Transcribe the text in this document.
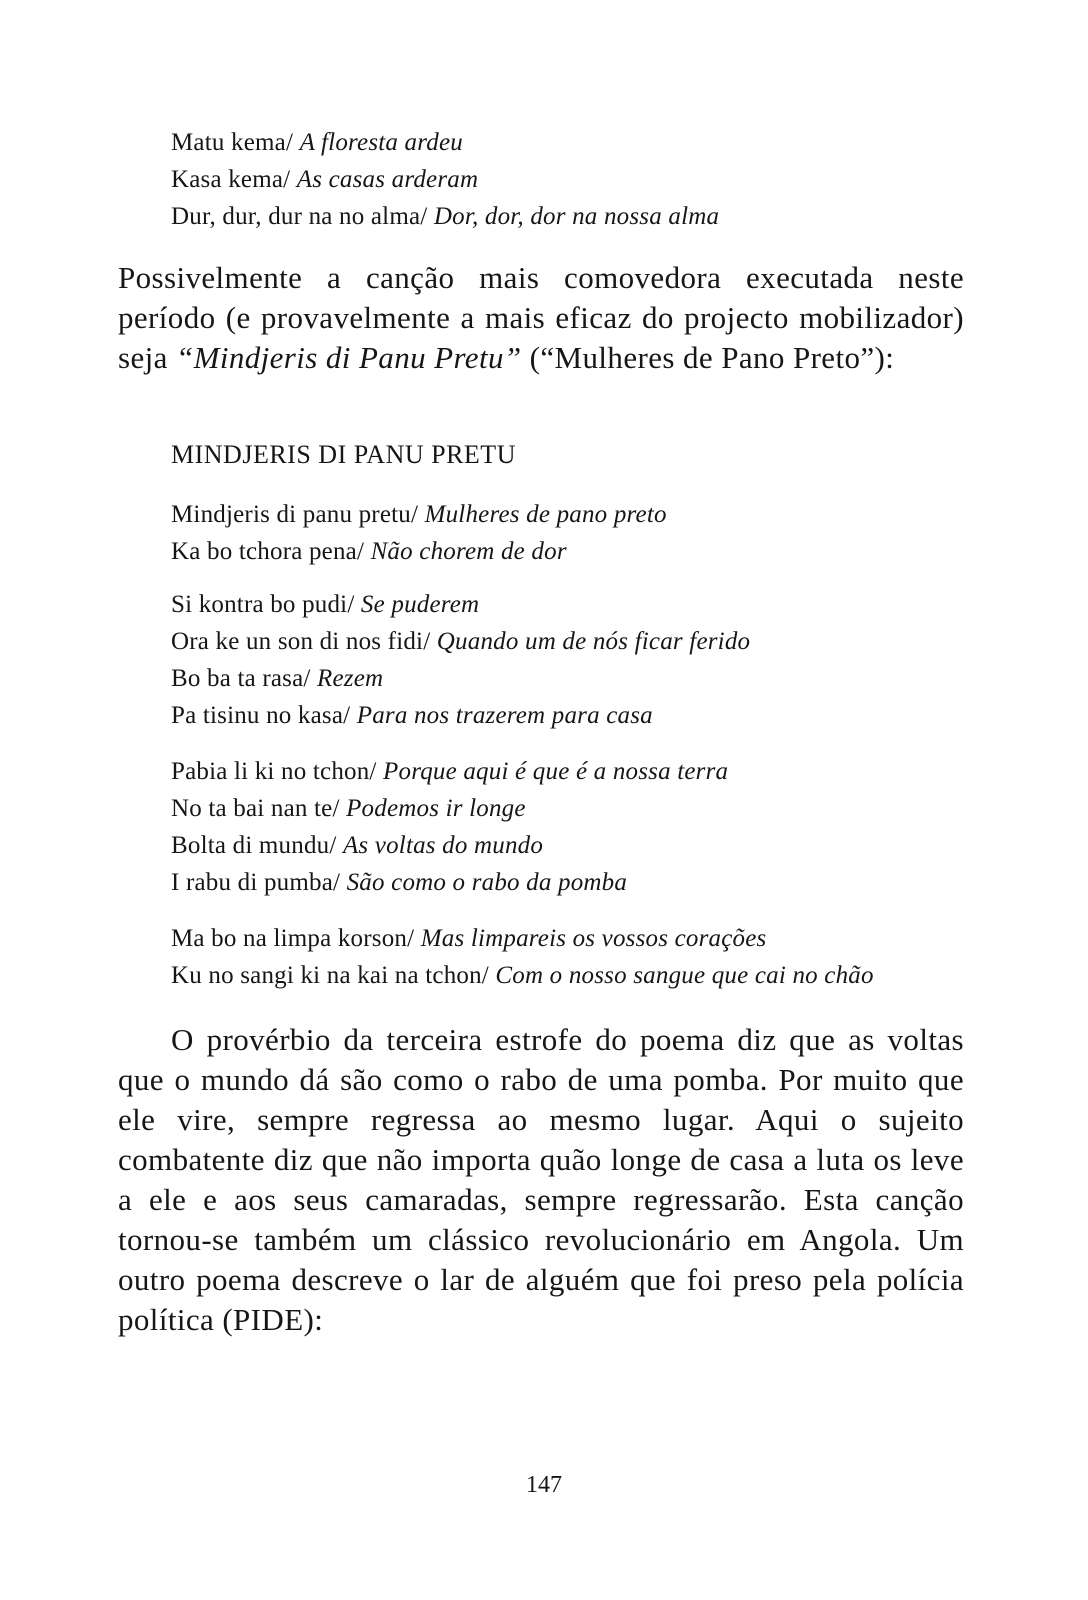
Matu kema/ A floresta ardeu
Kasa kema/ As casas arderam
Dur, dur, dur na no alma/ Dor, dor, dor na nossa alma

Possivelmente a canção mais comovedora executada neste período (e provavelmente a mais eficaz do projecto mobilizador) seja “Mindjeris di Panu Pretu” (“Mulheres de Pano Preto”):

MINDJERIS DI PANU PRETU
Mindjeris di panu pretu/ Mulheres de pano preto
Ka bo tchora pena/ Não chorem de dor
Si kontra bo pudi/ Se puderem
Ora ke un son di nos fidi/ Quando um de nós ficar ferido
Bo ba ta rasa/ Rezem
Pa tisinu no kasa/ Para nos trazerem para casa
Pabia li ki no tchon/ Porque aqui é que é a nossa terra
No ta bai nan te/ Podemos ir longe
Bolta di mundu/ As voltas do mundo
I rabu di pumba/ São como o rabo da pomba
Ma bo na limpa korson/ Mas limpareis os vossos corações
Ku no sangi ki na kai na tchon/ Com o nosso sangue que cai no chão

O provérbio da terceira estrofe do poema diz que as voltas que o mundo dá são como o rabo de uma pomba. Por muito que ele vire, sempre regressa ao mesmo lugar. Aqui o sujeito combatente diz que não importa quão longe de casa a luta os leve a ele e aos seus camaradas, sempre regressarão. Esta canção tornou-se também um clássico revolucionário em Angola. Um outro poema descreve o lar de alguém que foi preso pela polícia política (PIDE):

147
